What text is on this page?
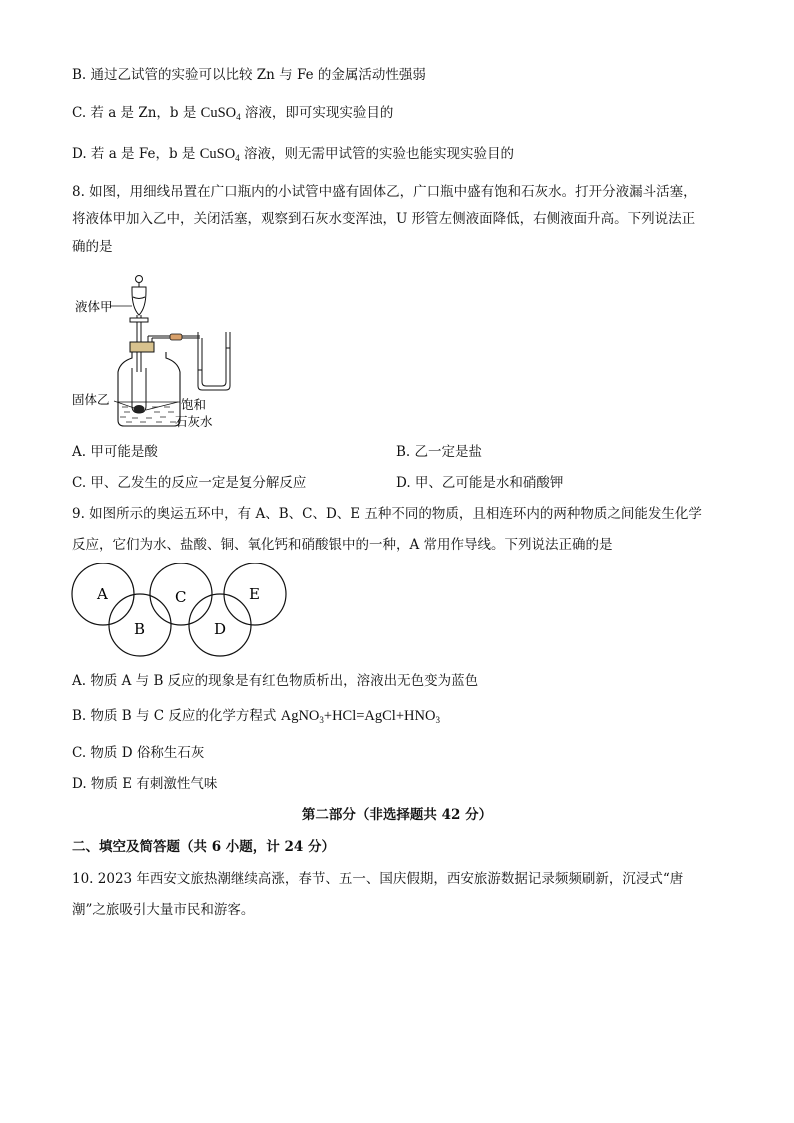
B. 通过乙试管的实验可以比较 Zn 与 Fe 的金属活动性强弱
C. 若 a 是 Zn，b 是 CuSO$_4$ 溶液，即可实现实验目的
D. 若 a 是 Fe，b 是 CuSO$_4$ 溶液，则无需甲试管的实验也能实现实验目的
8. 如图，用细线吊置在广口瓶内的小试管中盛有固体乙，广口瓶中盛有饱和石灰水。打开分液漏斗活塞，
将液体甲加入乙中，关闭活塞，观察到石灰水变浑浊，U 形管左侧液面降低，右侧液面升高。下列说法正
确的是
液体甲
固体乙	饱和
石灰水
A. 甲可能是酸	B. 乙一定是盐
C. 甲、乙发生的反应一定是复分解反应	D. 甲、乙可能是水和硝酸钾
9. 如图所示的奥运五环中，有 A、B、C、D、E 五种不同的物质，且相连环内的两种物质之间能发生化学
反应，它们为水、盐酸、铜、氧化钙和硝酸银中的一种，A 常用作导线。下列说法正确的是
A
B
C
D
E
A. 物质 A 与 B 反应的现象是有红色物质析出，溶液出无色变为蓝色
B. 物质 B 与 C 反应的化学方程式 $AgNO_3+HCl=AgCl+HNO_3$
C. 物质 D 俗称生石灰
D. 物质 E 有刺激性气味
第二部分（非选择题共 42 分）
二、填空及简答题（共 6 小题，计 24 分）
10. 2023 年西安文旅热潮继续高涨，春节、五一、国庆假期，西安旅游数据记录频频刷新，沉浸式“唐
潮”之旅吸引大量市民和游客。
